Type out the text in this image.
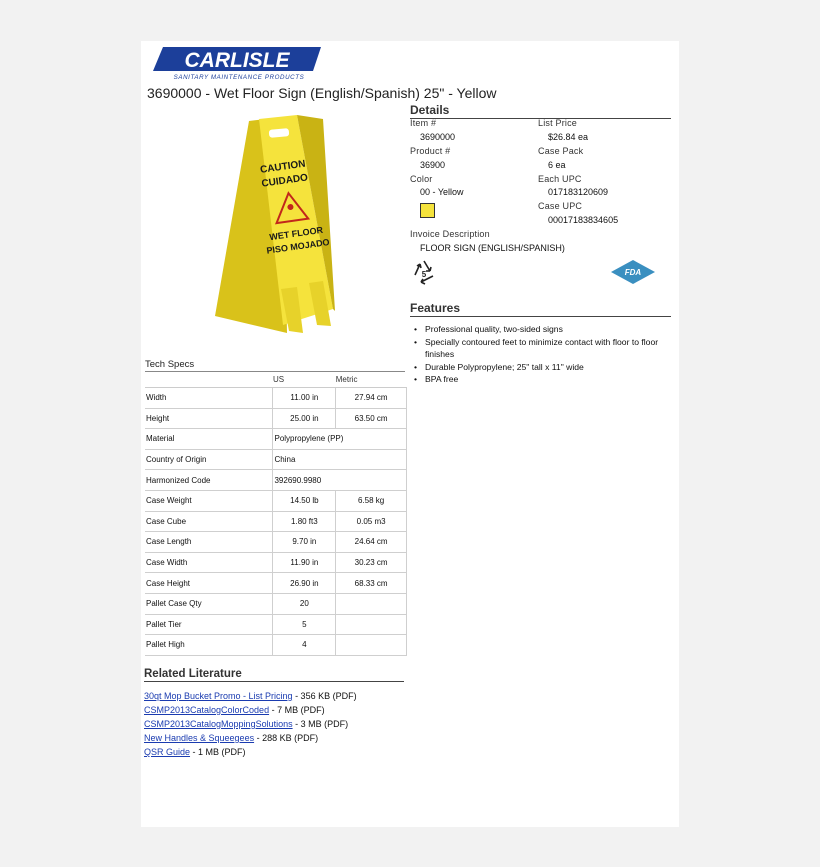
CARLISLE
SANITARY MAINTENANCE PRODUCTS
3690000 - Wet Floor Sign (English/Spanish) 25" - Yellow
CAUTION
CUIDADO
WET FLOOR
PISO MOJADO
Details
Item #	List Price
3690000	$26.84 ea
Product #	Case Pack
36900	6 ea
Color	Each UPC
00 - Yellow	017183120609
Case UPC
00017183834605
Invoice Description
FLOOR SIGN (ENGLISH/SPANISH)
5	FDA
Features
• Professional quality, two-sided signs
• Specially contoured feet to minimize contact with floor to floor finishes
• Durable Polypropylene; 25" tall x 11" wide
• BPA free
Tech Specs
	US	Metric
Width	11.00 in	27.94 cm
Height	25.00 in	63.50 cm
Material	Polypropylene (PP)	
Country of Origin	China	
Harmonized Code	392690.9980	
Case Weight	14.50 lb	6.58 kg
Case Cube	1.80 ft3	0.05 m3
Case Length	9.70 in	24.64 cm
Case Width	11.90 in	30.23 cm
Case Height	26.90 in	68.33 cm
Pallet Case Qty	20	
Pallet Tier	5	
Pallet High	4	
Related Literature
30qt Mop Bucket Promo - List Pricing - 356 KB (PDF)
CSMP2013CatalogColorCoded - 7 MB (PDF)
CSMP2013CatalogMoppingSolutions - 3 MB (PDF)
New Handles & Squeegees - 288 KB (PDF)
QSR Guide - 1 MB (PDF)
